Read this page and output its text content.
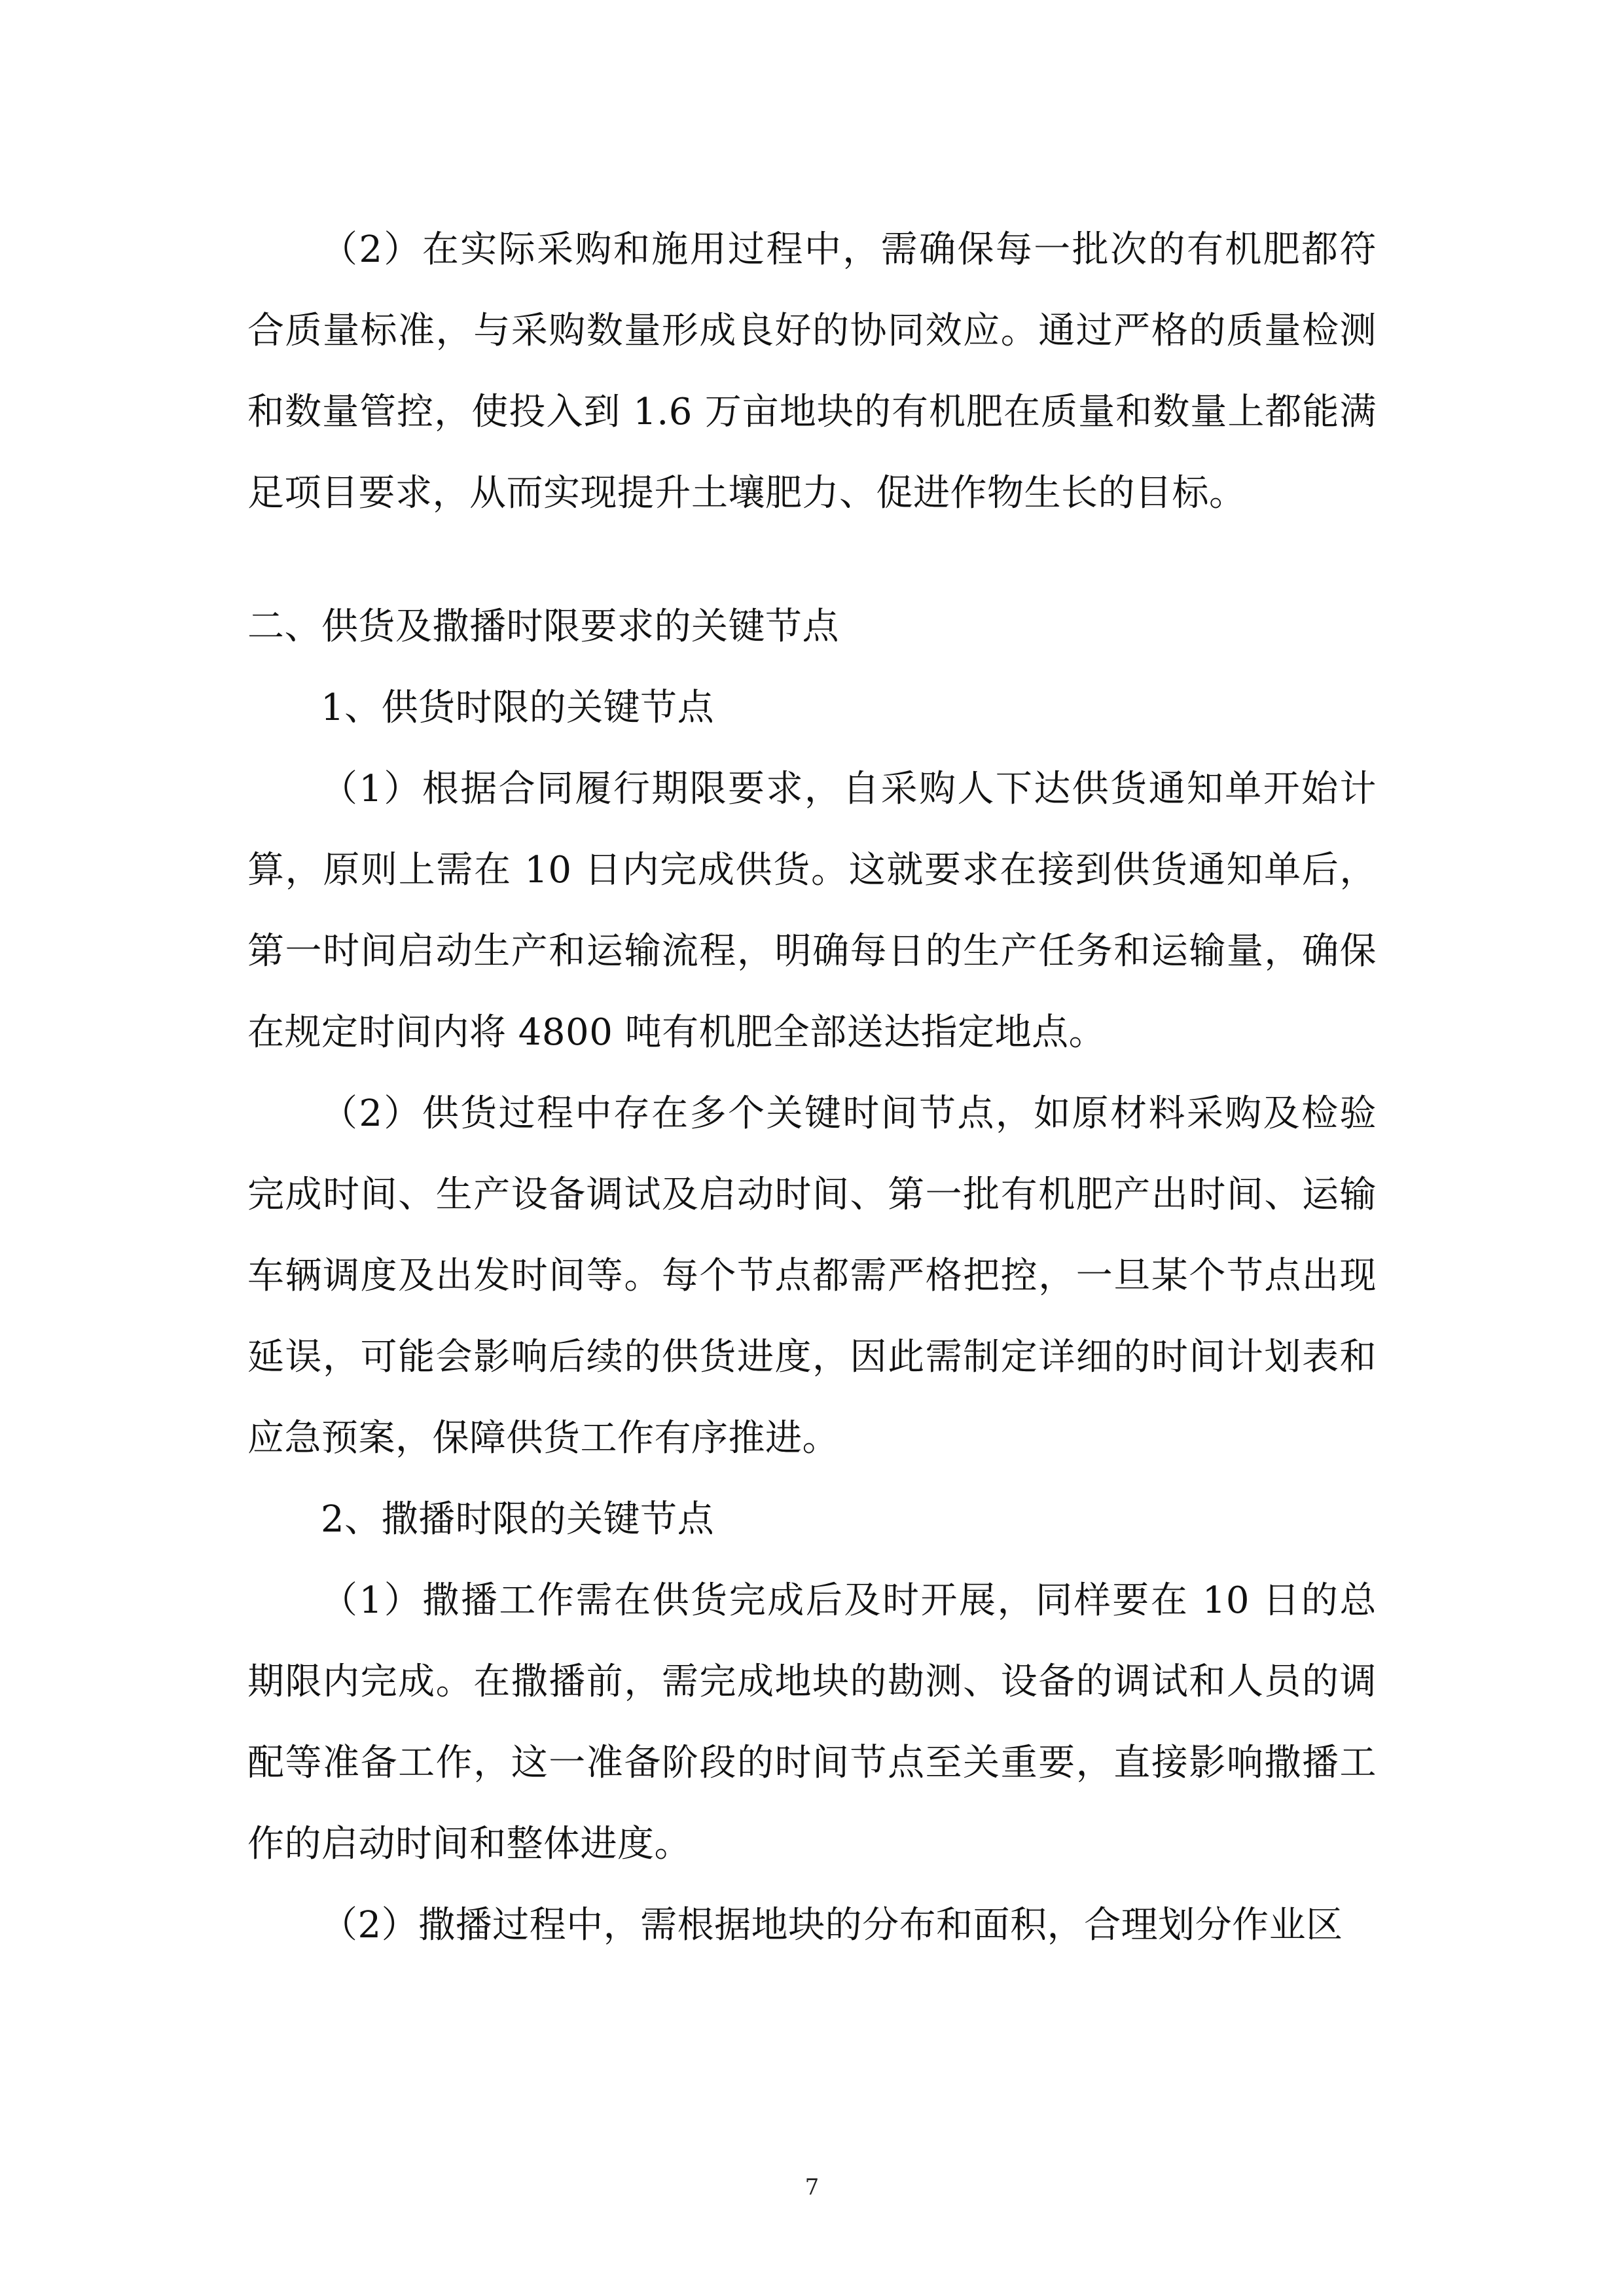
（2）在实际采购和施用过程中，需确保每一批次的有机肥都符合质量标准，与采购数量形成良好的协同效应。通过严格的质量检测和数量管控，使投入到 1.6 万亩地块的有机肥在质量和数量上都能满足项目要求，从而实现提升土壤肥力、促进作物生长的目标。

二、供货及撒播时限要求的关键节点

1、供货时限的关键节点

（1）根据合同履行期限要求，自采购人下达供货通知单开始计算，原则上需在 10 日内完成供货。这就要求在接到供货通知单后，第一时间启动生产和运输流程，明确每日的生产任务和运输量，确保在规定时间内将 4800 吨有机肥全部送达指定地点。

（2）供货过程中存在多个关键时间节点，如原材料采购及检验完成时间、生产设备调试及启动时间、第一批有机肥产出时间、运输车辆调度及出发时间等。每个节点都需严格把控，一旦某个节点出现延误，可能会影响后续的供货进度，因此需制定详细的时间计划表和应急预案，保障供货工作有序推进。

2、撒播时限的关键节点

（1）撒播工作需在供货完成后及时开展，同样要在 10 日的总期限内完成。在撒播前，需完成地块的勘测、设备的调试和人员的调配等准备工作，这一准备阶段的时间节点至关重要，直接影响撒播工作的启动时间和整体进度。

（2）撒播过程中，需根据地块的分布和面积，合理划分作业区

7
